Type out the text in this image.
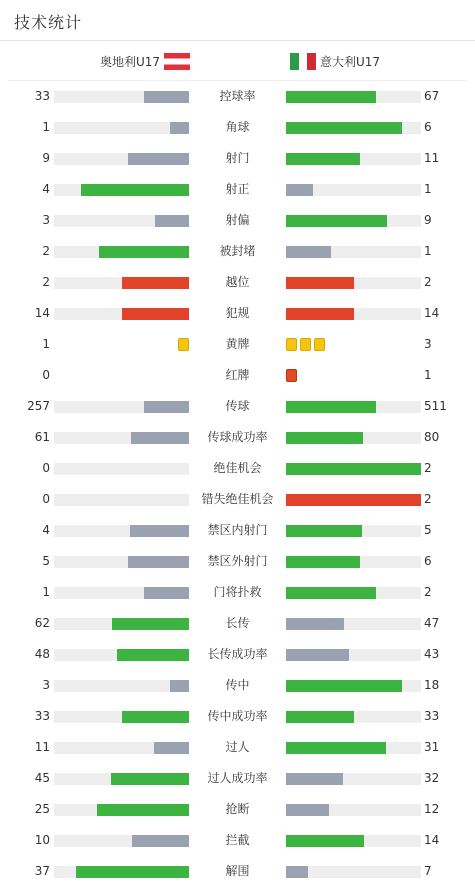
技术统计
奥地利U17	意大利U17
33	控球率	67
1	角球	6
9	射门	11
4	射正	1
3	射偏	9
2	被封堵	1
2	越位	2
14	犯规	14
1	黄牌	3
0	红牌	1
257	传球	511
61	传球成功率	80
0	绝佳机会	2
0	错失绝佳机会	2
4	禁区内射门	5
5	禁区外射门	6
1	门将扑救	2
62	长传	47
48	长传成功率	43
3	传中	18
33	传中成功率	33
11	过人	31
45	过人成功率	32
25	抢断	12
10	拦截	14
37	解围	7
